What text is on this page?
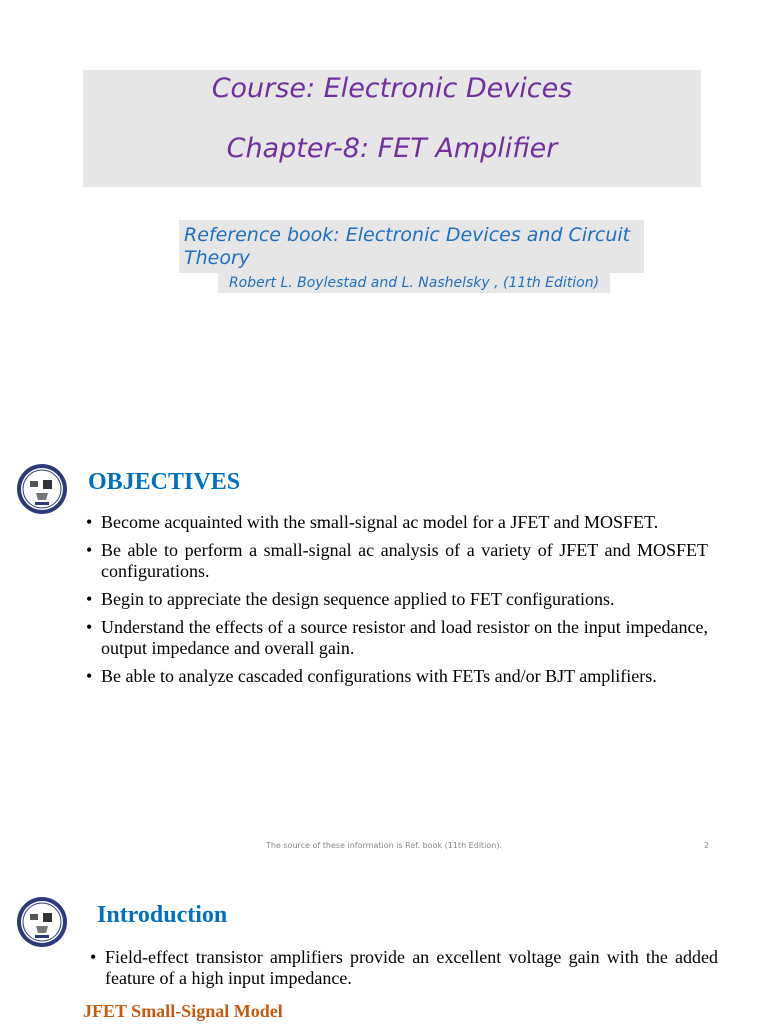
Course: Electronic Devices
Chapter-8: FET Amplifier
Reference book: Electronic Devices and Circuit Theory
Robert L. Boylestad and L. Nashelsky , (11th Edition)
OBJECTIVES
• Become acquainted with the small-signal ac model for a JFET and MOSFET.
• Be able to perform a small-signal ac analysis of a variety of JFET and MOSFET configurations.
• Begin to appreciate the design sequence applied to FET configurations.
• Understand the effects of a source resistor and load resistor on the input impedance, output impedance and overall gain.
• Be able to analyze cascaded configurations with FETs and/or BJT amplifiers.
The source of these information is Ref. book (11th Edition).	2
Introduction
• Field-effect transistor amplifiers provide an excellent voltage gain with the added feature of a high input impedance.
JFET Small-Signal Model
